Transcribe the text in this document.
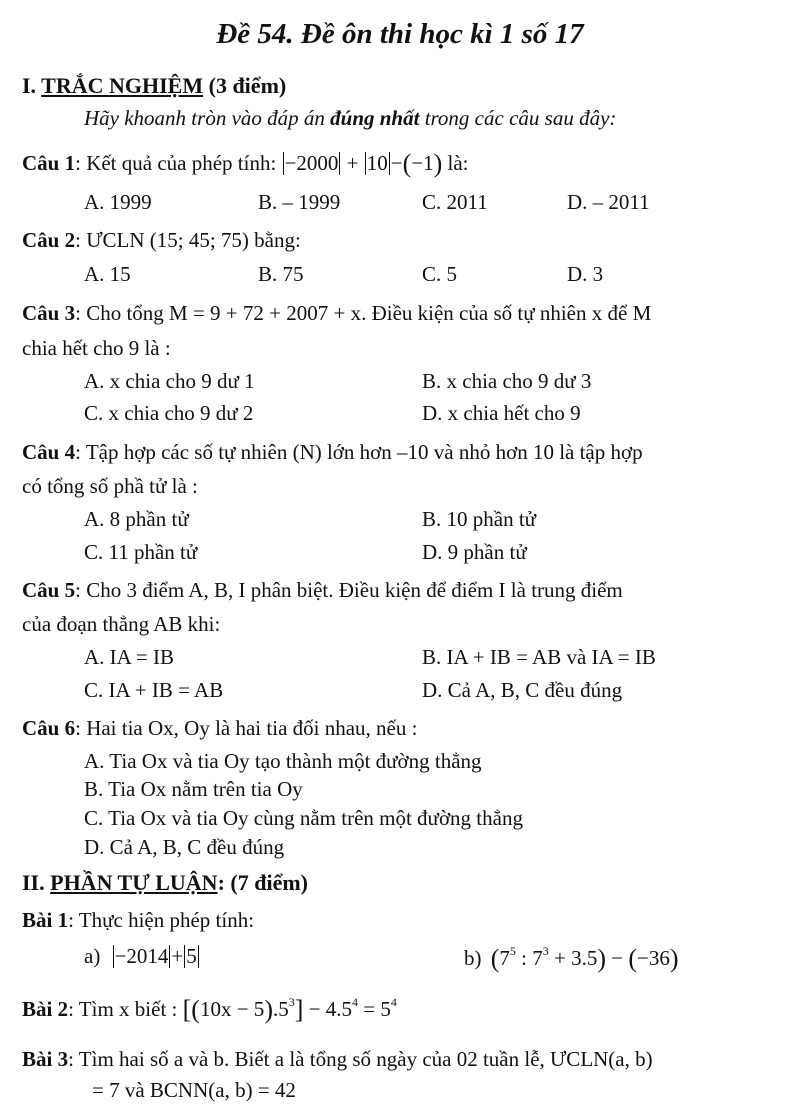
Đề 54. Đề ôn thi học kì 1 số 17
I. TRẮC NGHIỆM (3 điểm)
Hãy khoanh tròn vào đáp án đúng nhất trong các câu sau đây:
Câu 1: Kết quả của phép tính: −2000 + 10 −(−1) là:
A. 1999	B. – 1999	C. 2011	D. – 2011
Câu 2: ƯCLN (15; 45; 75) bằng:
A. 15	B. 75	C. 5	D. 3
Câu 3: Cho tổng M = 9 + 72 + 2007 + x. Điều kiện của số tự nhiên x để M
chia hết cho 9 là :
A. x chia cho 9 dư 1	B. x chia cho 9 dư 3
C. x chia cho 9 dư 2	D. x chia hết cho 9
Câu 4: Tập hợp các số tự nhiên (N) lớn hơn –10 và nhỏ hơn 10 là tập hợp
có tổng số phầ tử là :
A. 8 phần tử	B. 10 phần tử
C. 11 phần tử	D. 9 phần tử
Câu 5: Cho 3 điểm A, B, I phân biệt. Điều kiện để điểm I là trung điểm
của đoạn thẳng AB khi:
A. IA = IB	B. IA + IB = AB và IA = IB
C. IA + IB = AB	D. Cả A, B, C đều đúng
Câu 6: Hai tia Ox, Oy là hai tia đối nhau, nếu :
A. Tia Ox và tia Oy tạo thành một đường thẳng
B. Tia Ox nằm trên tia Oy
C. Tia Ox và tia Oy cùng nằm trên một đường thẳng
D. Cả A, B, C đều đúng
II. PHẦN TỰ LUẬN: (7 điểm)
Bài 1: Thực hiện phép tính:
a) −2014 + 5	b) ($7^5$ : $7^3 + 3.5) - (-36)$
Bài 2: Tìm x biết : $[(10x - 5).5^3] - 4.5^4 = 5^4$
Bài 3: Tìm hai số a và b. Biết a là tổng số ngày của 02 tuần lễ, ƯCLN(a, b)
= 7 và BCNN(a, b) = 42
